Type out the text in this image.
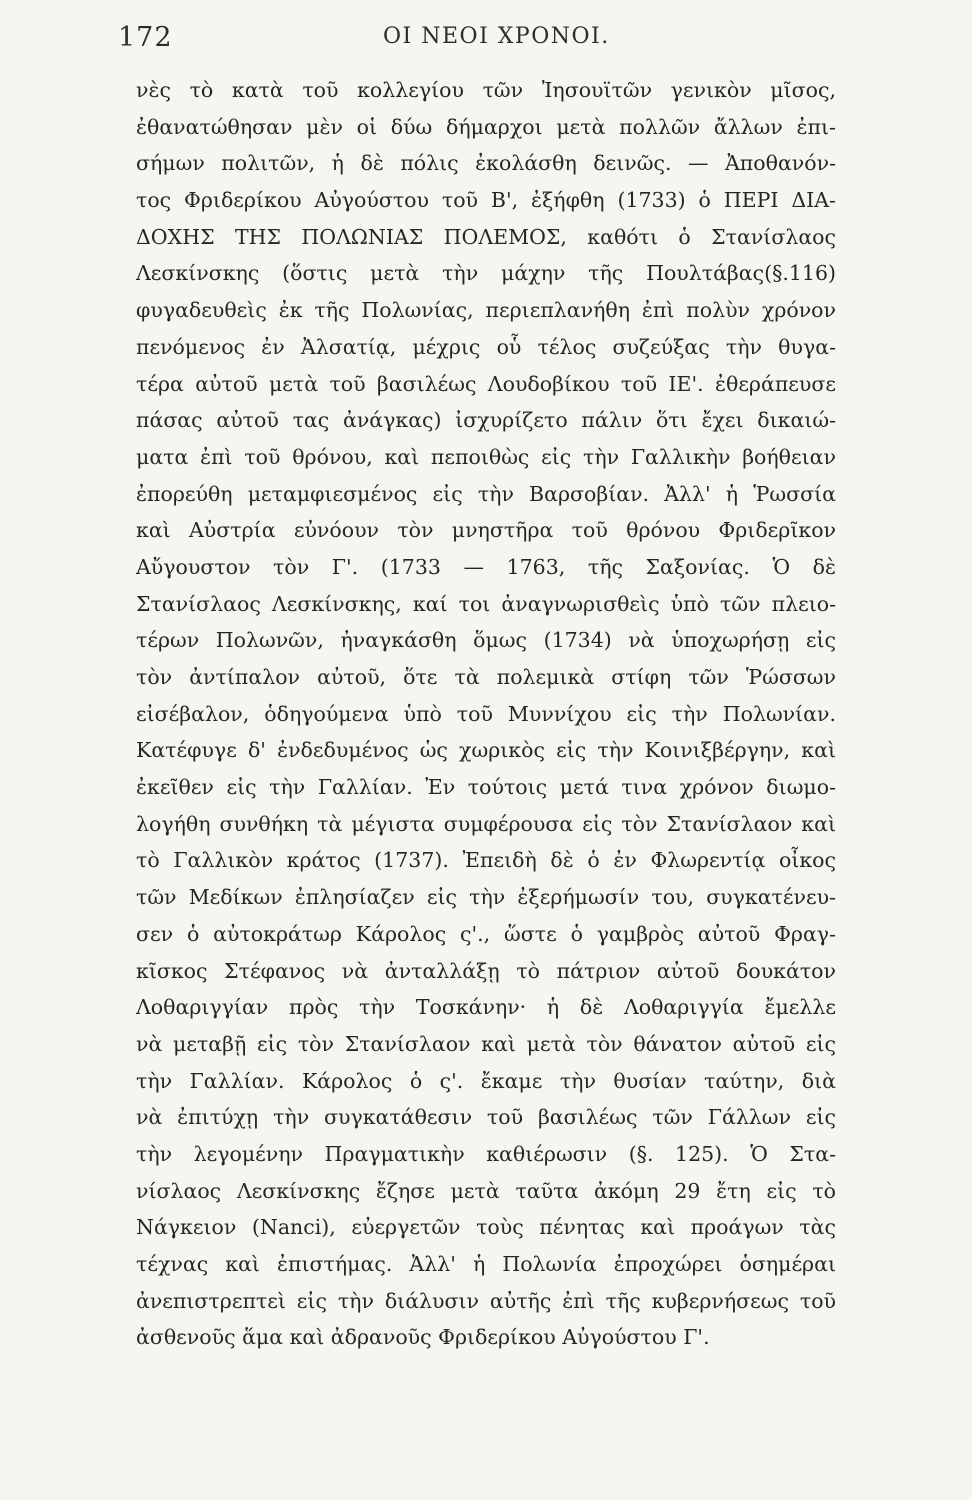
172	ΟΙ ΝΕΟΙ ΧΡΟΝΟΙ.
νὲς τὸ κατὰ τοῦ κολλεγίου τῶν Ἰησουϊτῶν γενικὸν μῖσος,
ἐθανατώθησαν μὲν οἱ δύω δήμαρχοι μετὰ πολλῶν ἄλλων ἐπι-
σήμων πολιτῶν, ἡ δὲ πόλις ἐκολάσθη δεινῶς. — Ἀποθανόν-
τος Φριδερίκου Αὐγούστου τοῦ Β', ἐξήφθη (1733) ὁ ΠΕΡΙ ΔΙΑ-
ΔΟΧΗΣ ΤΗΣ ΠΟΛΩΝΙΑΣ ΠΟΛΕΜΟΣ, καθότι ὁ Στανίσλαος
Λεσκίνσκης (ὅστις μετὰ τὴν μάχην τῆς Πουλτάβας(§.116)
φυγαδευθεὶς ἐκ τῆς Πολωνίας, περιεπλανήθη ἐπὶ πολὺν χρόνον
πενόμενος ἐν Ἀλσατίᾳ, μέχρις οὗ τέλος συζεύξας τὴν θυγα-
τέρα αὐτοῦ μετὰ τοῦ βασιλέως Λουδοβίκου τοῦ ΙΕ'. ἐθεράπευσε
πάσας αὐτοῦ τας ἀνάγκας) ἰσχυρίζετο πάλιν ὅτι ἔχει δικαιώ-
ματα ἐπὶ τοῦ θρόνου, καὶ πεποιθὼς εἰς τὴν Γαλλικὴν βοήθειαν
ἐπορεύθη μεταμφιεσμένος εἰς τὴν Βαρσοβίαν. Ἀλλ' ἡ Ῥωσσία
καὶ Αὐστρία εὐνόουν τὸν μνηστῆρα τοῦ θρόνου Φριδερῖκον
Αὔγουστον τὸν Γ'. (1733 — 1763, τῆς Σαξονίας. Ὁ δὲ
Στανίσλαος Λεσκίνσκης, καί τοι ἀναγνωρισθεὶς ὑπὸ τῶν πλειο-
τέρων Πολωνῶν, ἠναγκάσθη ὅμως (1734) νὰ ὑποχωρήσῃ εἰς
τὸν ἀντίπαλον αὐτοῦ, ὅτε τὰ πολεμικὰ στίφη τῶν Ῥώσσων
εἰσέβαλον, ὁδηγούμενα ὑπὸ τοῦ Μυννίχου εἰς τὴν Πολωνίαν.
Κατέφυγε δ' ἐνδεδυμένος ὡς χωρικὸς εἰς τὴν Κοινιξβέργην, καὶ
ἐκεῖθεν εἰς τὴν Γαλλίαν. Ἐν τούτοις μετά τινα χρόνον διωμο-
λογήθη συνθήκη τὰ μέγιστα συμφέρουσα εἰς τὸν Στανίσλαον καὶ
τὸ Γαλλικὸν κράτος (1737). Ἐπειδὴ δὲ ὁ ἐν Φλωρεντίᾳ οἶκος
τῶν Μεδίκων ἐπλησίαζεν εἰς τὴν ἐξερήμωσίν του, συγκατένευ-
σεν ὁ αὐτοκράτωρ Κάρολος ς'., ὥστε ὁ γαμβρὸς αὐτοῦ Φραγ-
κῖσκος Στέφανος νὰ ἀνταλλάξῃ τὸ πάτριον αὐτοῦ δουκάτον
Λοθαριγγίαν πρὸς τὴν Τοσκάνην· ἡ δὲ Λοθαριγγία ἔμελλε
νὰ μεταβῇ εἰς τὸν Στανίσλαον καὶ μετὰ τὸν θάνατον αὐτοῦ εἰς
τὴν Γαλλίαν. Κάρολος ὁ ς'. ἔκαμε τὴν θυσίαν ταύτην, διὰ
νὰ ἐπιτύχῃ τὴν συγκατάθεσιν τοῦ βασιλέως τῶν Γάλλων εἰς
τὴν λεγομένην Πραγματικὴν καθιέρωσιν (§. 125). Ὁ Στα-
νίσλαος Λεσκίνσκης ἔζησε μετὰ ταῦτα ἀκόμη 29 ἔτη εἰς τὸ
Νάγκειον (Nanci), εὐεργετῶν τοὺς πένητας καὶ προάγων τὰς
τέχνας καὶ ἐπιστήμας. Ἀλλ' ἡ Πολωνία ἐπροχώρει ὁσημέραι
ἀνεπιστρεπτεὶ εἰς τὴν διάλυσιν αὐτῆς ἐπὶ τῆς κυβερνήσεως τοῦ
ἀσθενοῦς ἅμα καὶ ἀδρανοῦς Φριδερίκου Αὐγούστου Γ'.
